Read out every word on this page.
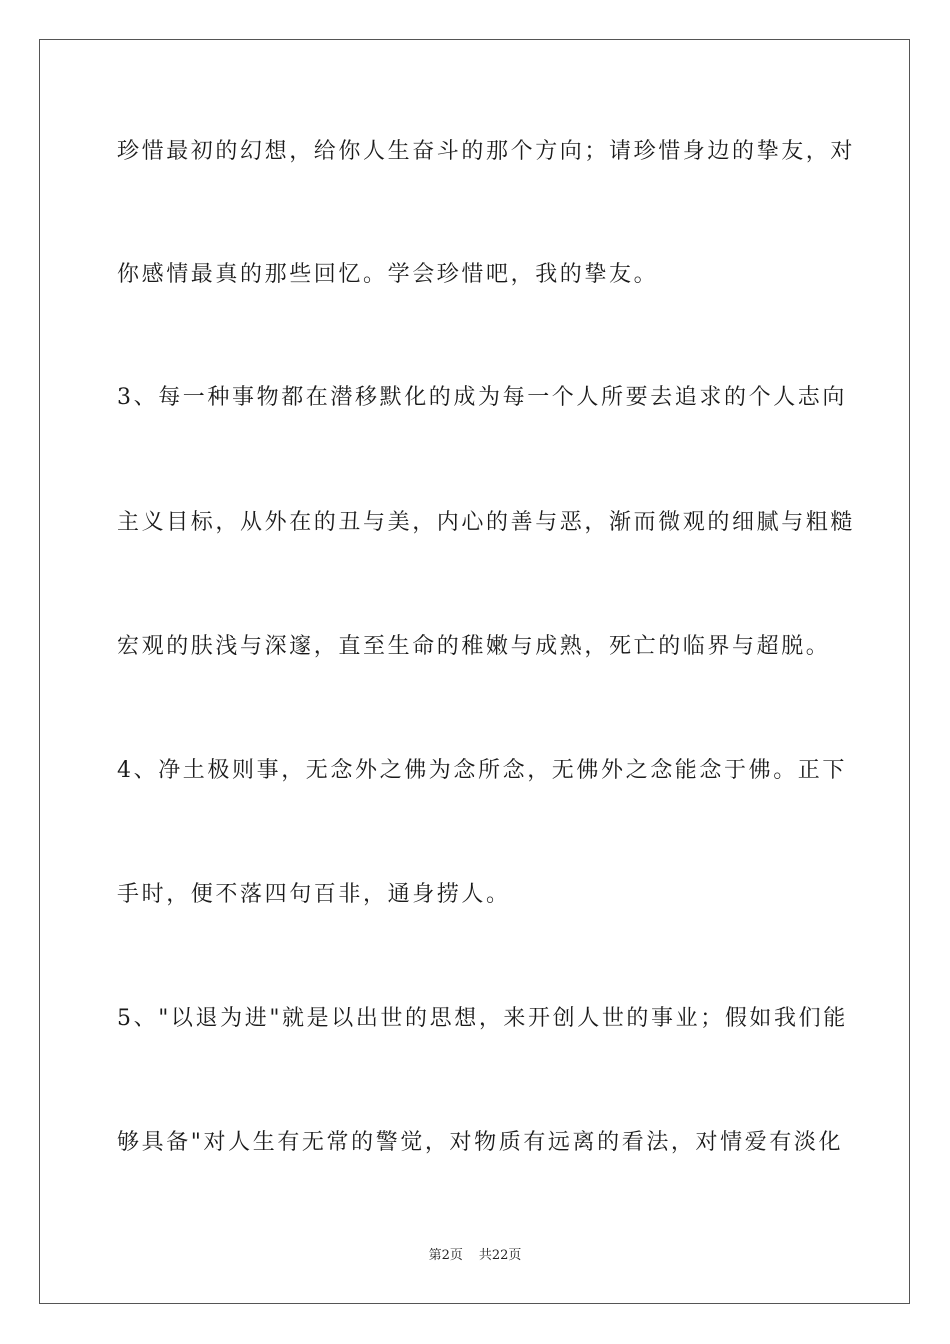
珍惜最初的幻想，给你人生奋斗的那个方向；请珍惜身边的挚友，对
你感情最真的那些回忆。学会珍惜吧，我的挚友。
3、每一种事物都在潜移默化的成为每一个人所要去追求的个人志向
主义目标，从外在的丑与美，内心的善与恶，渐而微观的细腻与粗糙
宏观的肤浅与深邃，直至生命的稚嫩与成熟，死亡的临界与超脱。
4、净土极则事，无念外之佛为念所念，无佛外之念能念于佛。正下
手时，便不落四句百非，通身捞人。
5、"以退为进"就是以出世的思想，来开创人世的事业；假如我们能
够具备"对人生有无常的警觉，对物质有远离的看法，对情爱有淡化
第2页 共22页
